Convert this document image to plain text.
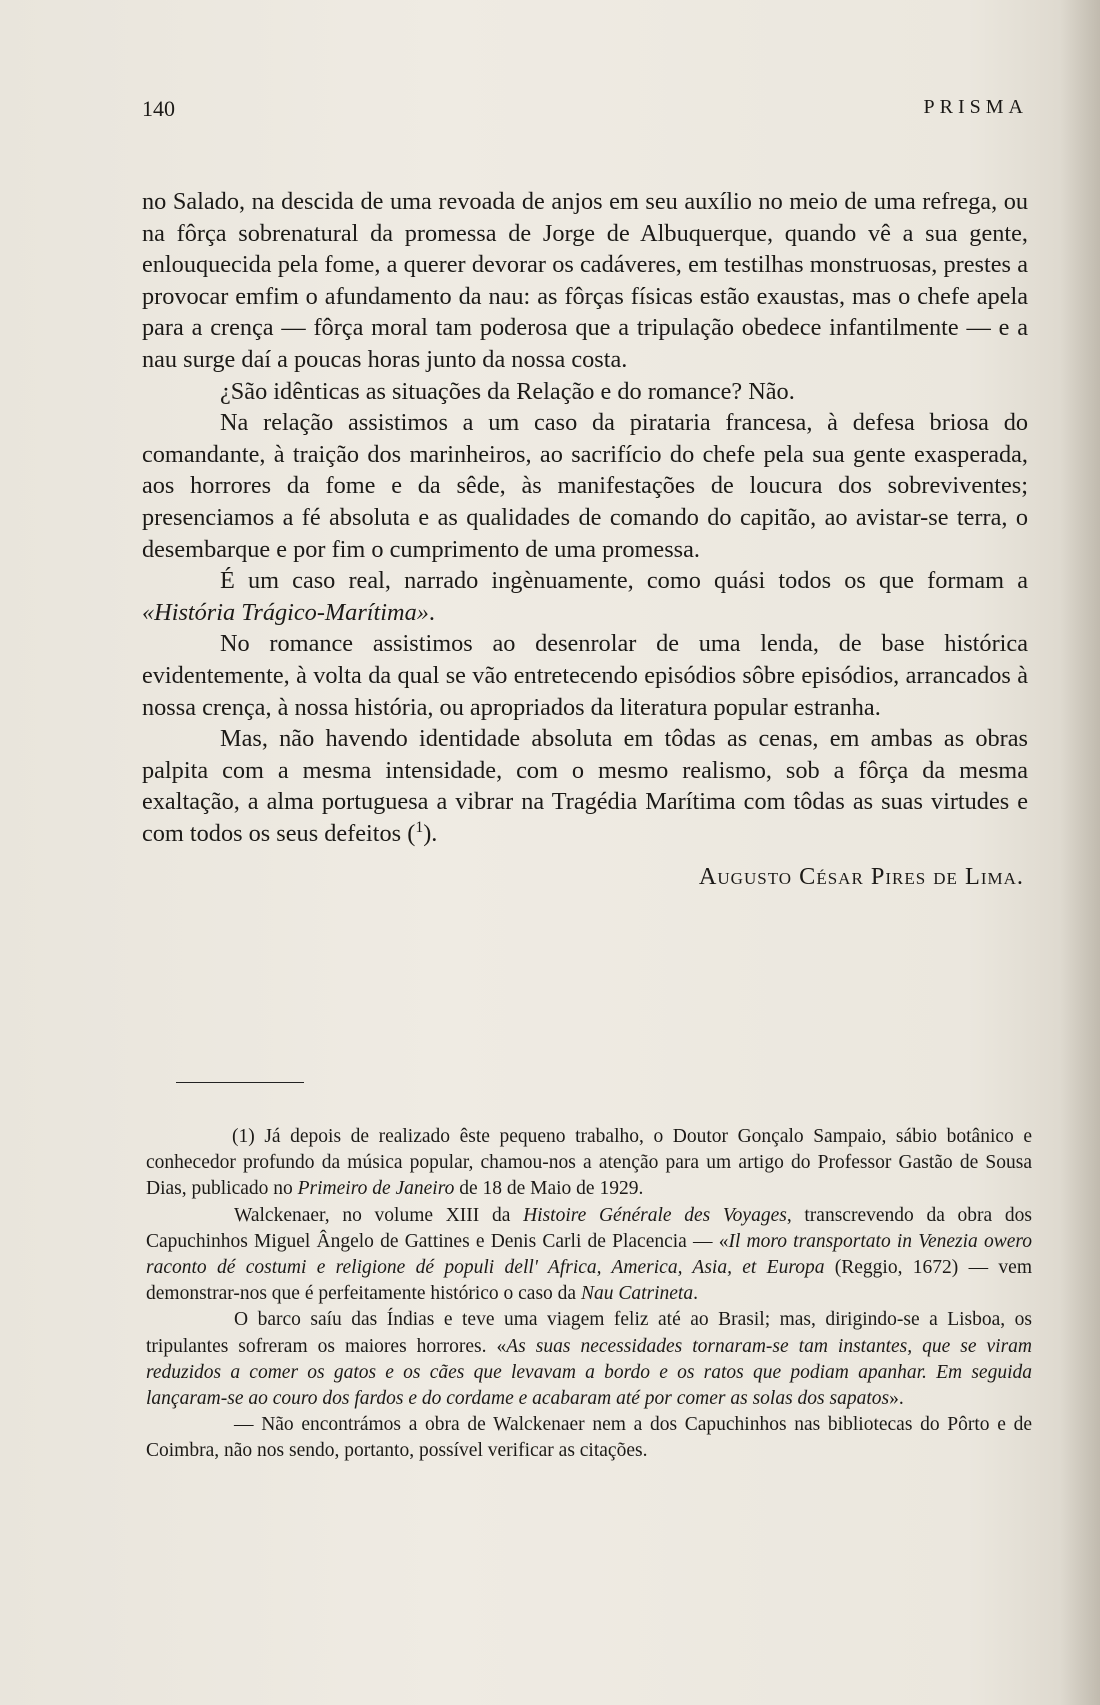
140	PRISMA

no Salado, na descida de uma revoada de anjos em seu auxílio no meio de uma refrega, ou na fôrça sobrenatural da promessa de Jorge de Albuquerque, quando vê a sua gente, enlouquecida pela fome, a querer devorar os cadáveres, em testilhas monstruosas, prestes a provocar emfim o afundamento da nau: as fôrças físicas estão exaustas, mas o chefe apela para a crença — fôrça moral tam poderosa que a tripulação obedece infantilmente — e a nau surge daí a poucas horas junto da nossa costa.

¿São idênticas as situações da Relação e do romance? Não.

Na relação assistimos a um caso da pirataria francesa, à defesa briosa do comandante, à traição dos marinheiros, ao sacrifício do chefe pela sua gente exasperada, aos horrores da fome e da sêde, às manifestações de loucura dos sobreviventes; presenciamos a fé absoluta e as qualidades de comando do capitão, ao avistar-se terra, o desembarque e por fim o cumprimento de uma promessa.

É um caso real, narrado ingènuamente, como quási todos os que formam a «História Trágico-Marítima».

No romance assistimos ao desenrolar de uma lenda, de base histórica evidentemente, à volta da qual se vão entretecendo episódios sôbre episódios, arrancados à nossa crença, à nossa história, ou apropriados da literatura popular estranha.

Mas, não havendo identidade absoluta em tôdas as cenas, em ambas as obras palpita com a mesma intensidade, com o mesmo realismo, sob a fôrça da mesma exaltação, a alma portuguesa a vibrar na Tragédia Marítima com tôdas as suas virtudes e com todos os seus defeitos ($^1$).

Augusto César Pires de Lima.

(1) Já depois de realizado êste pequeno trabalho, o Doutor Gonçalo Sampaio, sábio botânico e conhecedor profundo da música popular, chamou-nos a atenção para um artigo do Professor Gastão de Sousa Dias, publicado no Primeiro de Janeiro de 18 de Maio de 1929.

Walckenaer, no volume XIII da Histoire Générale des Voyages, transcrevendo da obra dos Capuchinhos Miguel Ângelo de Gattines e Denis Carli de Placencia — «Il moro transportato in Venezia owero raconto dé costumi e religione dé populi dell' Africa, America, Asia, et Europa (Reggio, 1672) — vem demonstrar-nos que é perfeitamente histórico o caso da Nau Catrineta.

O barco saíu das Índias e teve uma viagem feliz até ao Brasil; mas, dirigindo-se a Lisboa, os tripulantes sofreram os maiores horrores. «As suas necessidades tornaram-se tam instantes, que se viram reduzidos a comer os gatos e os cães que levavam a bordo e os ratos que podiam apanhar. Em seguida lançaram-se ao couro dos fardos e do cordame e acabaram até por comer as solas dos sapatos».

— Não encontrámos a obra de Walckenaer nem a dos Capuchinhos nas bibliotecas do Pôrto e de Coimbra, não nos sendo, portanto, possível verificar as citações.
